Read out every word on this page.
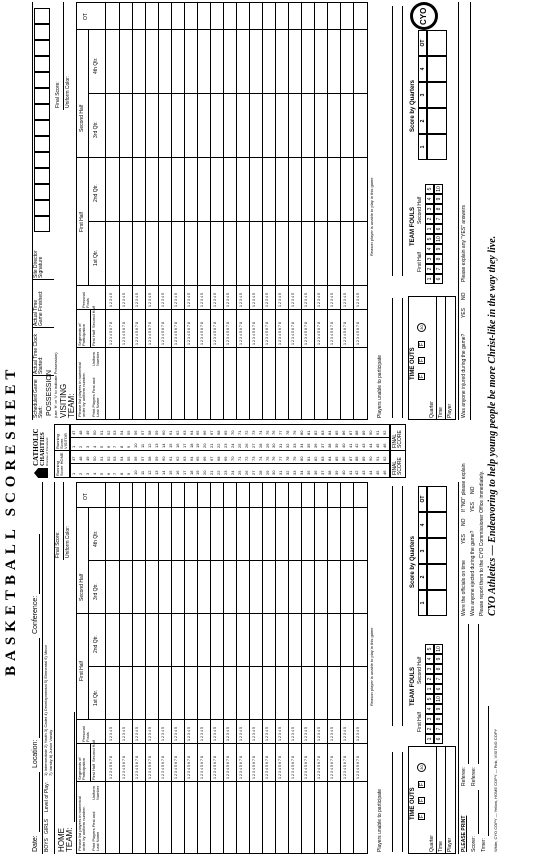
BASKETBALL SCORESHEET
Date:
Location:
Conference:
BOYS
GIRLS
Level of Play:
1) Intermediate 2) Youth 3) Cadet 4) Developmental 5) Elemental 6) Minor 7) Varsity 8) Junior Varsity
Final Score: Uniform Color:
HOME TEAM: Please list players in numerical order by uniform number. Print Players First and Last Name
Uniform Number
Segments of Participation First Half
Second Half
Personal Fouls
First Half
Second Half
1st Qtr.
2nd Qtr.
3rd Qtr.
4th Qtr.
OT
1 2 3 4 5 6 7 8
1 2 3 4 5
1 2 3 4 5 6 7 8
1 2 3 4 5
1 2 3 4 5 6 7 8
1 2 3 4 5
1 2 3 4 5 6 7 8
1 2 3 4 5
1 2 3 4 5 6 7 8
1 2 3 4 5
1 2 3 4 5 6 7 8
1 2 3 4 5
1 2 3 4 5 6 7 8
1 2 3 4 5
1 2 3 4 5 6 7 8
1 2 3 4 5
1 2 3 4 5 6 7 8
1 2 3 4 5
1 2 3 4 5 6 7 8
1 2 3 4 5
1 2 3 4 5 6 7 8
1 2 3 4 5
1 2 3 4 5 6 7 8
1 2 3 4 5
1 2 3 4 5 6 7 8
1 2 3 4 5
1 2 3 4 5 6 7 8
1 2 3 4 5
1 2 3 4 5 6 7 8
1 2 3 4 5
1 2 3 4 5 6 7 8
1 2 3 4 5
1 2 3 4 5 6 7 8
1 2 3 4 5
1 2 3 4 5 6 7 8
1 2 3 4 5
1 2 3 4 5 6 7 8
1 2 3 4 5
1 2 3 4 5 6 7 8
1 2 3 4 5
Reason player is unable to play in this game
Players unable to participate	TIME OUTS F
F
F
30
Quarter Time Player
TEAM FOULS
First Half
Second Half
1
2
3
4
5
1
2
3
4
5
6
7
8
9
10
6
7
8
9
10
Score by Quarters
1
2
3
4
OT
PLEASE PRINT
Referee:
Scorer:
Referee:
Timer: White, CYO COPY — Yellow, HOME COPY — Pink, VISITING COPY
Were the officials on time
YES
NO
If "NO" please explain
Was anyone ejected during the game?
YES
NO Please report them to the CYO Commissioner Office immediately.
CATHOLIC CHARITIES Diocese of Cleveland
Running Score HOME
Running Score VISITOR
1
47
1
47
2
48
2
48
3
49
3
49
4
50
4
50
5
51
5
51
6
52
6
52
7
53
7
53
8
54
8
54
9
55
9
55
10
56
10
56
11
57
11
57
12
58
12
58
13
59
13
59
14
60
14
60
15
61
15
61
16
62
16
62
17
63
17
63
18
64
18
64
19
65
19
65
20
66
20
66
21
67
21
67
22
68
22
68
23
69
23
69
24
70
24
70
25
71
25
71
26
72
26
72
27
73
27
73
28
74
28
74
29
75
29
75
30
76
30
76
31
77
31
77
32
78
32
78
33
79
33
79
34
80
34
80
35
81
35
81
36
82
36
82
37
83
37
83
38
84
38
84
39
85
39
85
40
86
40
86
41
87
41
87
42
88
42
88
43
89
43
89
44
90
44
90
45
91
45
91
46
92
46
92
FINAL SCORE
FINAL SCORE
Scheduled Game Start:
Actual Time Clock Started:
Actual Time Game Finished:
Site Director Signature
POSSESSION (use 'H' or 'V' to indicate Possession)
Final Score: Uniform Color:
VISITING TEAM: Please list players in numerical order by uniform number. Print Players First and Last Name
Uniform Number
Segments of Participation First Half
Second Half
Personal Fouls
First Half
Second Half
1st Qtr.
2nd Qtr.
3rd Qtr.
4th Qtr.
OT
1 2 3 4 5 6 7 8
1 2 3 4 5
1 2 3 4 5 6 7 8
1 2 3 4 5
1 2 3 4 5 6 7 8
1 2 3 4 5
1 2 3 4 5 6 7 8
1 2 3 4 5
1 2 3 4 5 6 7 8
1 2 3 4 5
1 2 3 4 5 6 7 8
1 2 3 4 5
1 2 3 4 5 6 7 8
1 2 3 4 5
1 2 3 4 5 6 7 8
1 2 3 4 5
1 2 3 4 5 6 7 8
1 2 3 4 5
1 2 3 4 5 6 7 8
1 2 3 4 5
1 2 3 4 5 6 7 8
1 2 3 4 5
1 2 3 4 5 6 7 8
1 2 3 4 5
1 2 3 4 5 6 7 8
1 2 3 4 5
1 2 3 4 5 6 7 8
1 2 3 4 5
1 2 3 4 5 6 7 8
1 2 3 4 5
1 2 3 4 5 6 7 8
1 2 3 4 5
1 2 3 4 5 6 7 8
1 2 3 4 5
1 2 3 4 5 6 7 8
1 2 3 4 5
1 2 3 4 5 6 7 8
1 2 3 4 5
1 2 3 4 5 6 7 8
1 2 3 4 5
Reason player is unable to play in this game
Players unable to participate	TIME OUTS F
F
F
30
Quarter Time Player
TEAM FOULS
First Half
Second Half
1
2
3
4
5
1
2
3
4
5
6
7
8
9
10
6
7
8
9
10
Score by Quarters
1
2
3
4
OT
CYO
Was anyone injured during the game?
YES
NO
Please explain any "YES" answers CYO Athletics — Endeavoring to help young people be more Christ-like in the way they live.
